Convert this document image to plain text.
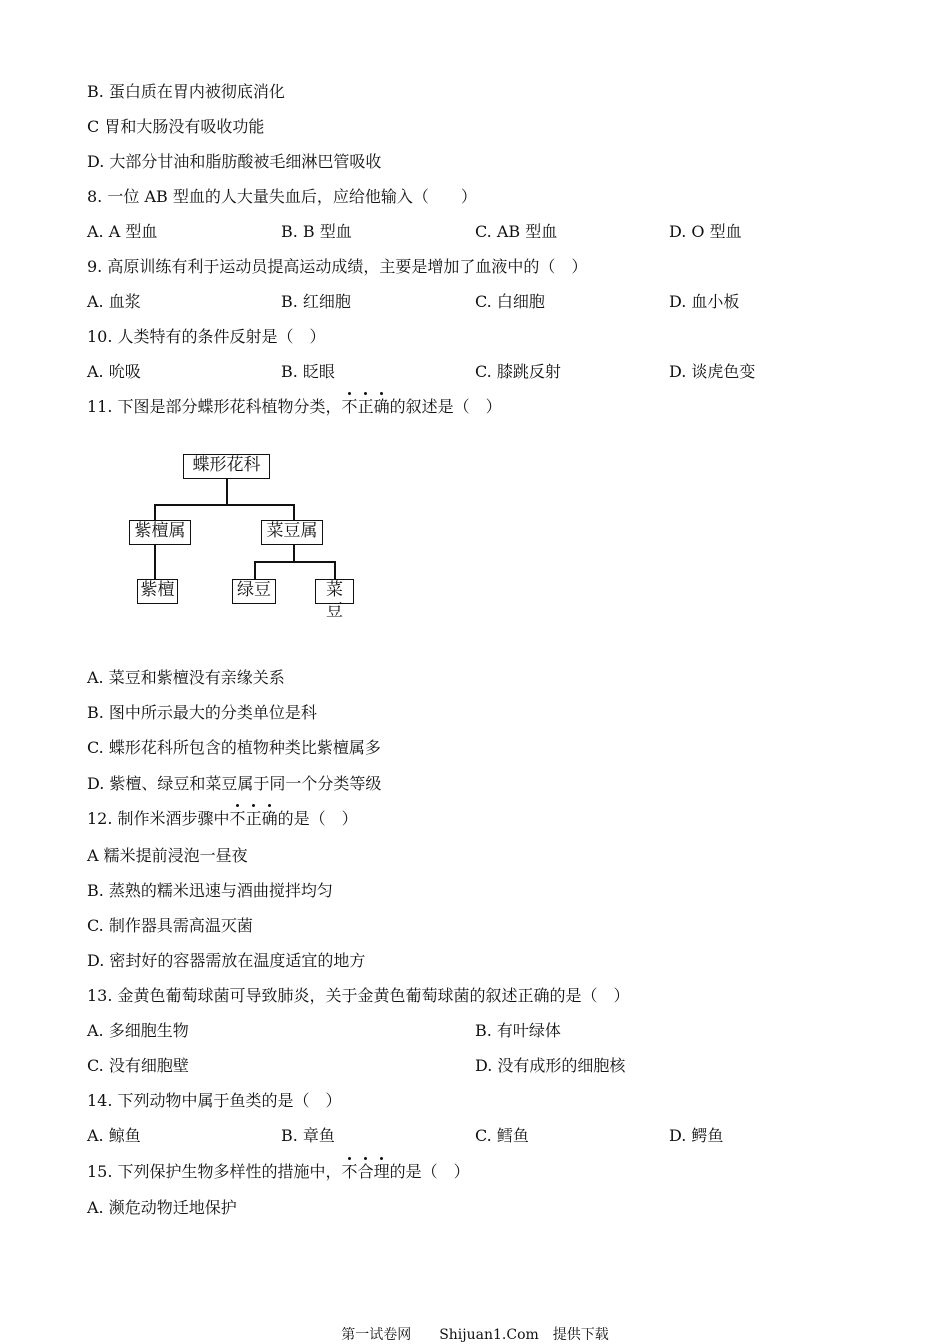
B. 蛋白质在胃内被彻底消化
C 胃和大肠没有吸收功能
D. 大部分甘油和脂肪酸被毛细淋巴管吸收
8. 一位 AB 型血的人大量失血后，应给他输入（　　）
A. A 型血	B. B 型血	C. AB 型血	D. O 型血
9. 高原训练有利于运动员提高运动成绩，主要是增加了血液中的（　）
A. 血浆	B. 红细胞	C. 白细胞	D. 血小板
10. 人类特有的条件反射是（　）
A. 吮吸	B. 眨眼	C. 膝跳反射	D. 谈虎色变
11. 下图是部分蝶形花科植物分类，不正确的叙述是（　）
蝶形花科
紫檀属	菜豆属
紫檀	绿豆	菜豆
A. 菜豆和紫檀没有亲缘关系
B. 图中所示最大的分类单位是科
C. 蝶形花科所包含的植物种类比紫檀属多
D. 紫檀、绿豆和菜豆属于同一个分类等级
12. 制作米酒步骤中不正确的是（　）
A 糯米提前浸泡一昼夜
B. 蒸熟的糯米迅速与酒曲搅拌均匀
C. 制作器具需高温灭菌
D. 密封好的容器需放在温度适宜的地方
13. 金黄色葡萄球菌可导致肺炎，关于金黄色葡萄球菌的叙述正确的是（　）
A. 多细胞生物	B. 有叶绿体
C. 没有细胞壁	D. 没有成形的细胞核
14. 下列动物中属于鱼类的是（　）
A. 鲸鱼	B. 章鱼	C. 鳕鱼	D. 鳄鱼
15. 下列保护生物多样性的措施中，不合理的是（　）
A. 濒危动物迁地保护
第一试卷网　　Shijuan1.Com　提供下载
